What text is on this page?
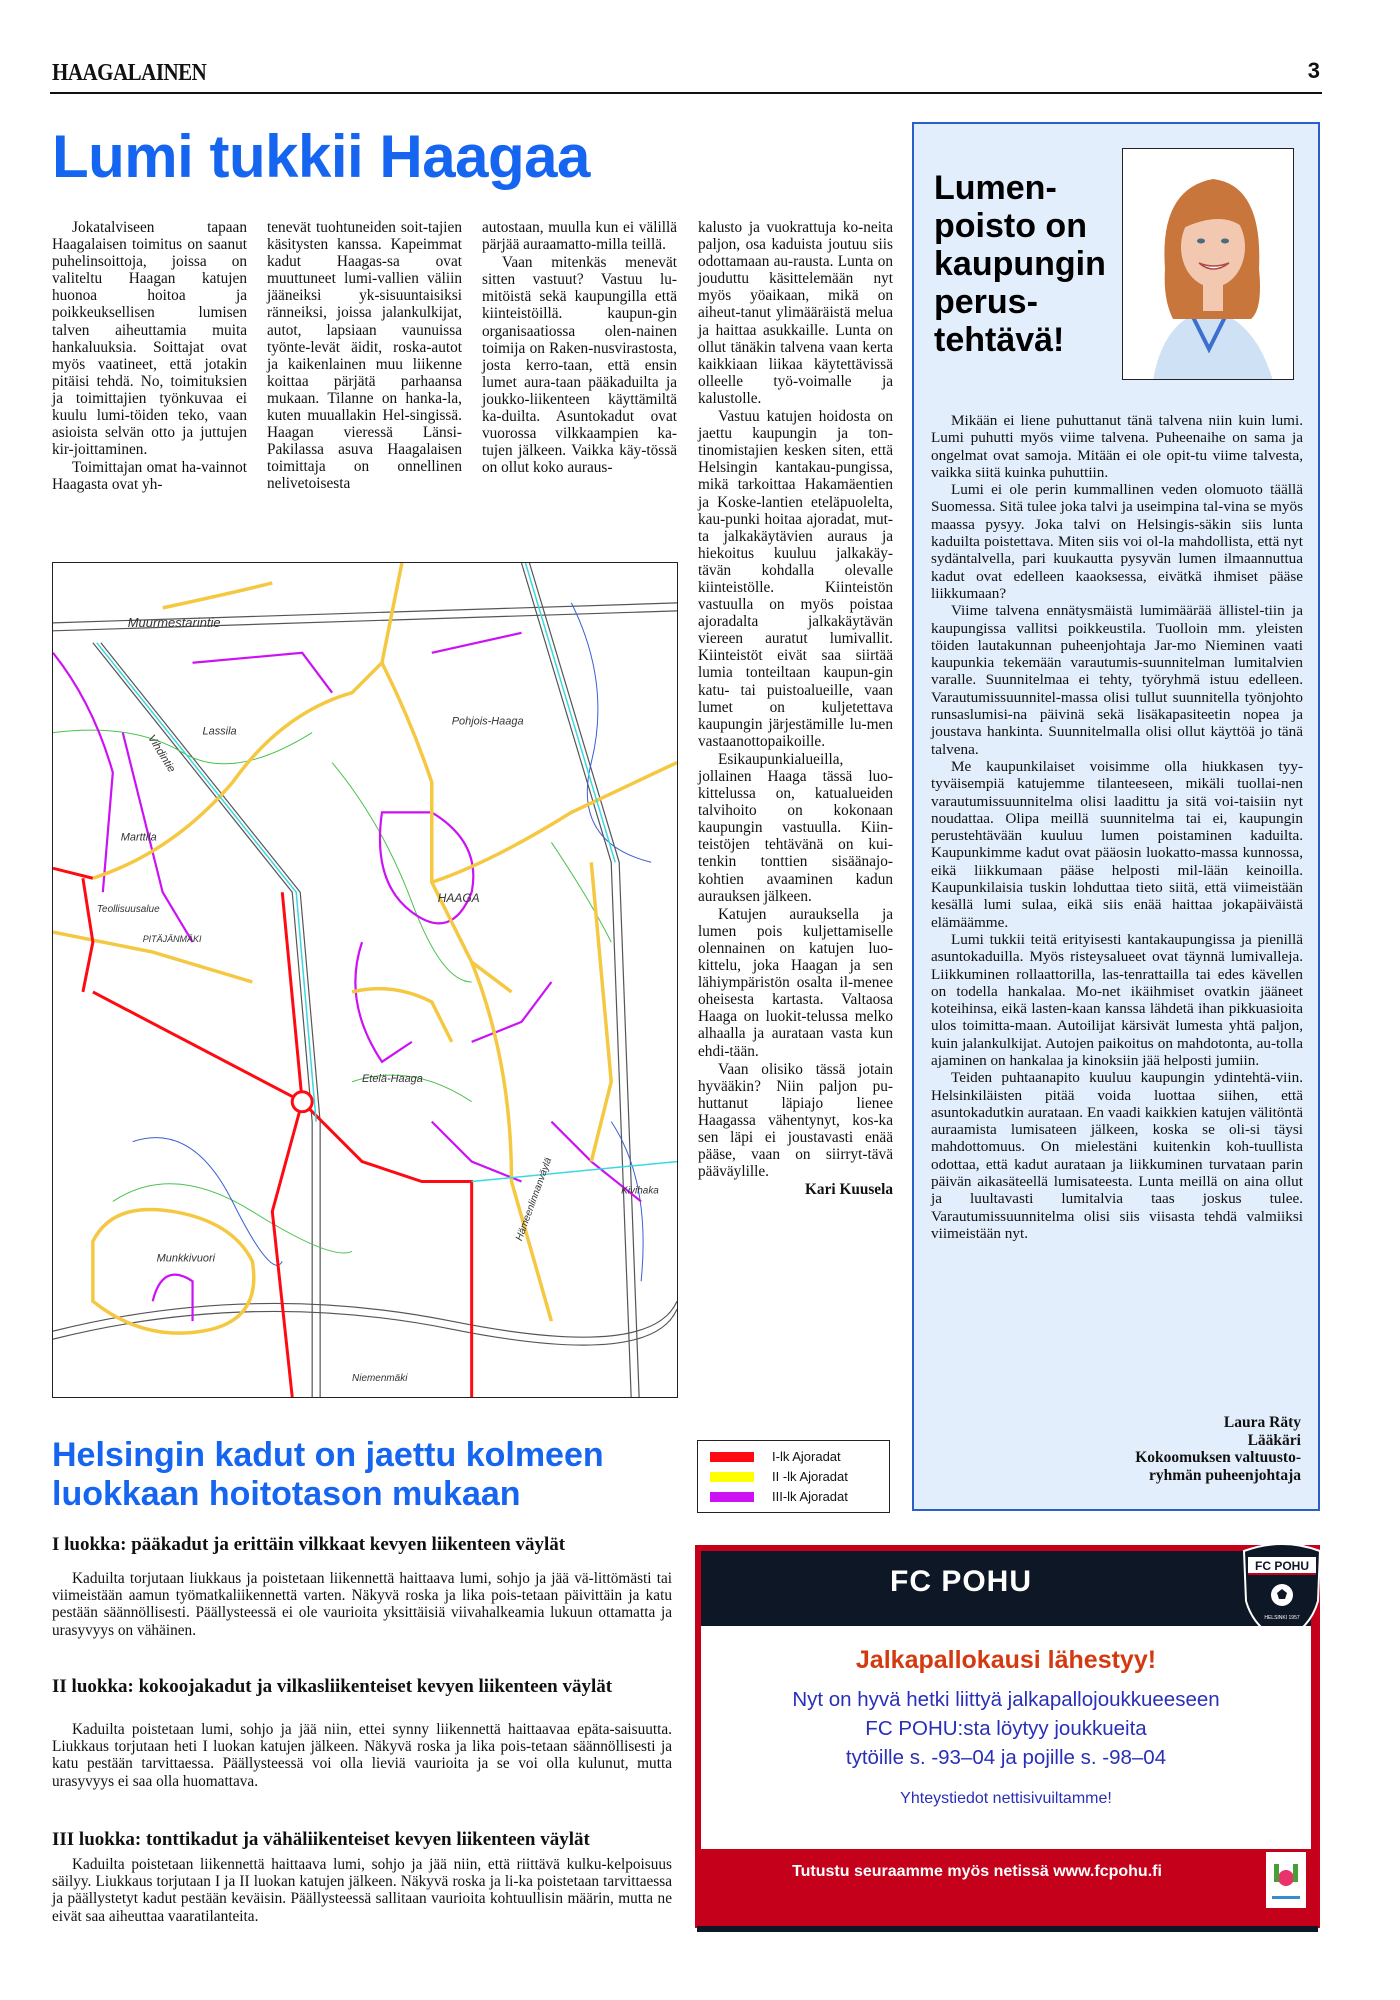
HAAGALAINEN	3
Lumi tukkii Haagaa

Jokatalviseen tapaan Haagalaisen toimitus on saanut puhelinsoittoja, joissa on valiteltu Haagan katujen huonoa hoitoa ja poikkeuksellisen lumisen talven aiheuttamia muita hankaluuksia. Soittajat ovat myös vaatineet, että jotakin pitäisi tehdä. No, toimituksien ja toimittajien työnkuvaa ei kuulu lumi-töiden teko, vaan asioista selvän otto ja juttujen kir-joittaminen.

Toimittajan omat ha-vainnot Haagasta ovat yh-

tenevät tuohtuneiden soit-tajien käsitysten kanssa. Kapeimmat kadut Haagas-sa ovat muuttuneet lumi-vallien väliin jääneiksi yk-sisuuntaisiksi ränneiksi, joissa jalankulkijat, autot, lapsiaan vaunuissa työnte-levät äidit, roska-autot ja kaikenlainen muu liikenne koittaa pärjätä parhaansa mukaan. Tilanne on hanka-la, kuten muuallakin Hel-singissä. Haagan vieressä Länsi-Pakilassa asuva Haagalaisen toimittaja on onnellinen nelivetoisesta

autostaan, muulla kun ei välillä pärjää auraamatto-milla teillä.

Vaan mitenkäs menevät sitten vastuut? Vastuu lu-mitöistä sekä kaupungilla että kiinteistöillä. kaupun-gin organisaatiossa olen-nainen toimija on Raken-nusvirastosta, josta kerro-taan, että ensin lumet aura-taan pääkaduilta ja joukko-liikenteen käyttämiltä ka-duilta. Asuntokadut ovat vuorossa vilkkaampien ka-tujen jälkeen. Vaikka käy-tössä on ollut koko auraus-

kalusto ja vuokrattuja ko-neita paljon, osa kaduista joutuu siis odottamaan au-rausta. Lunta on jouduttu käsittelemään nyt myös yöaikaan, mikä on aiheut-tanut ylimääräistä melua ja haittaa asukkaille. Lunta on ollut tänäkin talvena vaan kerta kaikkiaan liikaa käytettävissä olleelle työ-voimalle ja kalustolle.

Vastuu katujen hoidosta on jaettu kaupungin ja ton-tinomistajien kesken siten, että Helsingin kantakau-pungissa, mikä tarkoittaa Hakamäentien ja Koske-lantien eteläpuolelta, kau-punki hoitaa ajoradat, mut-ta jalkakäytävien auraus ja hiekoitus kuuluu jalkakäy-tävän kohdalla olevalle kiinteistölle. Kiinteistön vastuulla on myös poistaa ajoradalta jalkakäytävän viereen auratut lumivallit. Kiinteistöt eivät saa siirtää lumia tonteiltaan kaupun-gin katu- tai puistoalueille, vaan lumet on kuljetettava kaupungin järjestämille lu-men vastaanottopaikoille.

Esikaupunkialueilla, jollainen Haaga tässä luo-kittelussa on, katualueiden talvihoito on kokonaan kaupungin vastuulla. Kiin-teistöjen tehtävänä on kui-tenkin tonttien sisäänajo-kohtien avaaminen kadun aurauksen jälkeen.

Katujen aurauksella ja lumen pois kuljettamiselle olennainen on katujen luo-kittelu, joka Haagan ja sen lähiympäristön osalta il-menee oheisesta kartasta. Valtaosa Haaga on luokit-telussa melko alhaalla ja aurataan vasta kun ehdi-tään.

Vaan olisiko tässä jotain hyvääkin? Niin paljon pu-huttanut läpiajo lienee Haagassa vähentynyt, kos-ka sen läpi ei joustavasti enää pääse, vaan on siirryt-tävä pääväylille.

Kari Kuusela

Muurmestarintie
Lassila
Pohjois-Haaga
Vihdintie
Marttila
Teollisuusalue
PITÄJÄNMÄKI
HAAGA
Etelä-Haaga
Munkkivuori
Kivihaka
Niemenmäki
Hämeenlinnanväylä
I-lk Ajoradat
II -lk Ajoradat
III-lk Ajoradat
Helsingin kadut on jaettu kolmeen luokkaan hoitotason mukaan
I luokka: pääkadut ja erittäin vilkkaat kevyen liikenteen väylät

Kaduilta torjutaan liukkaus ja poistetaan liikennettä haittaava lumi, sohjo ja jää vä-littömästi tai viimeistään aamun työmatkaliikennettä varten. Näkyvä roska ja lika pois-tetaan päivittäin ja katu pestään säännöllisesti. Päällysteessä ei ole vaurioita yksittäisiä viivahalkeamia lukuun ottamatta ja urasyvyys on vähäinen.

II luokka: kokoojakadut ja vilkasliikenteiset kevyen liikenteen väylät

Kaduilta poistetaan lumi, sohjo ja jää niin, ettei synny liikennettä haittaavaa epäta-saisuutta. Liukkaus torjutaan heti I luokan katujen jälkeen. Näkyvä roska ja lika pois-tetaan säännöllisesti ja katu pestään tarvittaessa. Päällysteessä voi olla lieviä vaurioita ja se voi olla kulunut, mutta urasyvyys ei saa olla huomattava.

III luokka: tonttikadut ja vähäliikenteiset kevyen liikenteen väylät

Kaduilta poistetaan liikennettä haittaava lumi, sohjo ja jää niin, että riittävä kulku-kelpoisuus säilyy. Liukkaus torjutaan I ja II luokan katujen jälkeen. Näkyvä roska ja li-ka poistetaan tarvittaessa ja päällystetyt kadut pestään keväisin. Päällysteessä sallitaan vaurioita kohtuullisin määrin, mutta ne eivät saa aiheuttaa vaaratilanteita.

Lumen-
poisto on
kaupungin
perus-
tehtävä!

Mikään ei liene puhuttanut tänä talvena niin kuin lumi. Lumi puhutti myös viime talvena. Puheenaihe on sama ja ongelmat ovat samoja. Mitään ei ole opit-tu viime talvesta, vaikka siitä kuinka puhuttiin.

Lumi ei ole perin kummallinen veden olomuoto täällä Suomessa. Sitä tulee joka talvi ja useimpina tal-vina se myös maassa pysyy. Joka talvi on Helsingis-säkin siis lunta kaduilta poistettava. Miten siis voi ol-la mahdollista, että nyt sydäntalvella, pari kuukautta pysyvän lumen ilmaannuttua kadut ovat edelleen kaaoksessa, eivätkä ihmiset pääse liikkumaan?

Viime talvena ennätysmäistä lumimäärää ällistel-tiin ja kaupungissa vallitsi poikkeustila. Tuolloin mm. yleisten töiden lautakunnan puheenjohtaja Jar-mo Nieminen vaati kaupunkia tekemään varautumis-suunnitelman lumitalvien varalle. Suunnitelmaa ei tehty, työryhmä istuu edelleen. Varautumissuunnitel-massa olisi tullut suunnitella työnjohto runsaslumisi-na päivinä sekä lisäkapasiteetin nopea ja joustava hankinta. Suunnitelmalla olisi ollut käyttöä jo tänä talvena.

Me kaupunkilaiset voisimme olla hiukkasen tyy-tyväisempiä katujemme tilanteeseen, mikäli tuollai-nen varautumissuunnitelma olisi laadittu ja sitä voi-taisiin nyt noudattaa. Olipa meillä suunnitelma tai ei, kaupungin perustehtävään kuuluu lumen poistaminen kaduilta. Kaupunkimme kadut ovat pääosin luokatto-massa kunnossa, eikä liikkumaan pääse helposti mil-lään keinoilla. Kaupunkilaisia tuskin lohduttaa tieto siitä, että viimeistään kesällä lumi sulaa, eikä siis enää haittaa jokapäiväistä elämäämme.

Lumi tukkii teitä erityisesti kantakaupungissa ja pienillä asuntokaduilla. Myös risteysalueet ovat täynnä lumivalleja. Liikkuminen rollaattorilla, las-tenrattailla tai edes kävellen on todella hankalaa. Mo-net ikäihmiset ovatkin jääneet koteihinsa, eikä lasten-kaan kanssa lähdetä ihan pikkuasioita ulos toimitta-maan. Autoilijat kärsivät lumesta yhtä paljon, kuin jalankulkijat. Autojen paikoitus on mahdotonta, au-tolla ajaminen on hankalaa ja kinoksiin jää helposti jumiin.

Teiden puhtaanapito kuuluu kaupungin ydintehtä-viin. Helsinkiläisten pitää voida luottaa siihen, että asuntokadutkin aurataan. En vaadi kaikkien katujen välitöntä auraamista lumisateen jälkeen, koska se oli-si täysi mahdottomuus. On mielestäni kuitenkin koh-tuullista odottaa, että kadut aurataan ja liikkuminen turvataan parin päivän aikasäteellä lumisateesta. Lunta meillä on aina ollut ja luultavasti lumitalvia taas joskus tulee. Varautumissuunnitelma olisi siis viisasta tehdä valmiiksi viimeistään nyt.

Laura Räty
Lääkäri
Kokoomuksen valtuusto-
ryhmän puheenjohtaja
FC POHU	FC POHU
HELSINKI 1957
Jalkapallokausi lähestyy!
Nyt on hyvä hetki liittyä jalkapallojoukkueeseen
FC POHU:sta löytyy joukkueita
tytöille s. -93–04 ja pojille s. -98–04
Yhteystiedot nettisivuiltamme!
Tutustu seuraamme myös netissä www.fcpohu.fi
